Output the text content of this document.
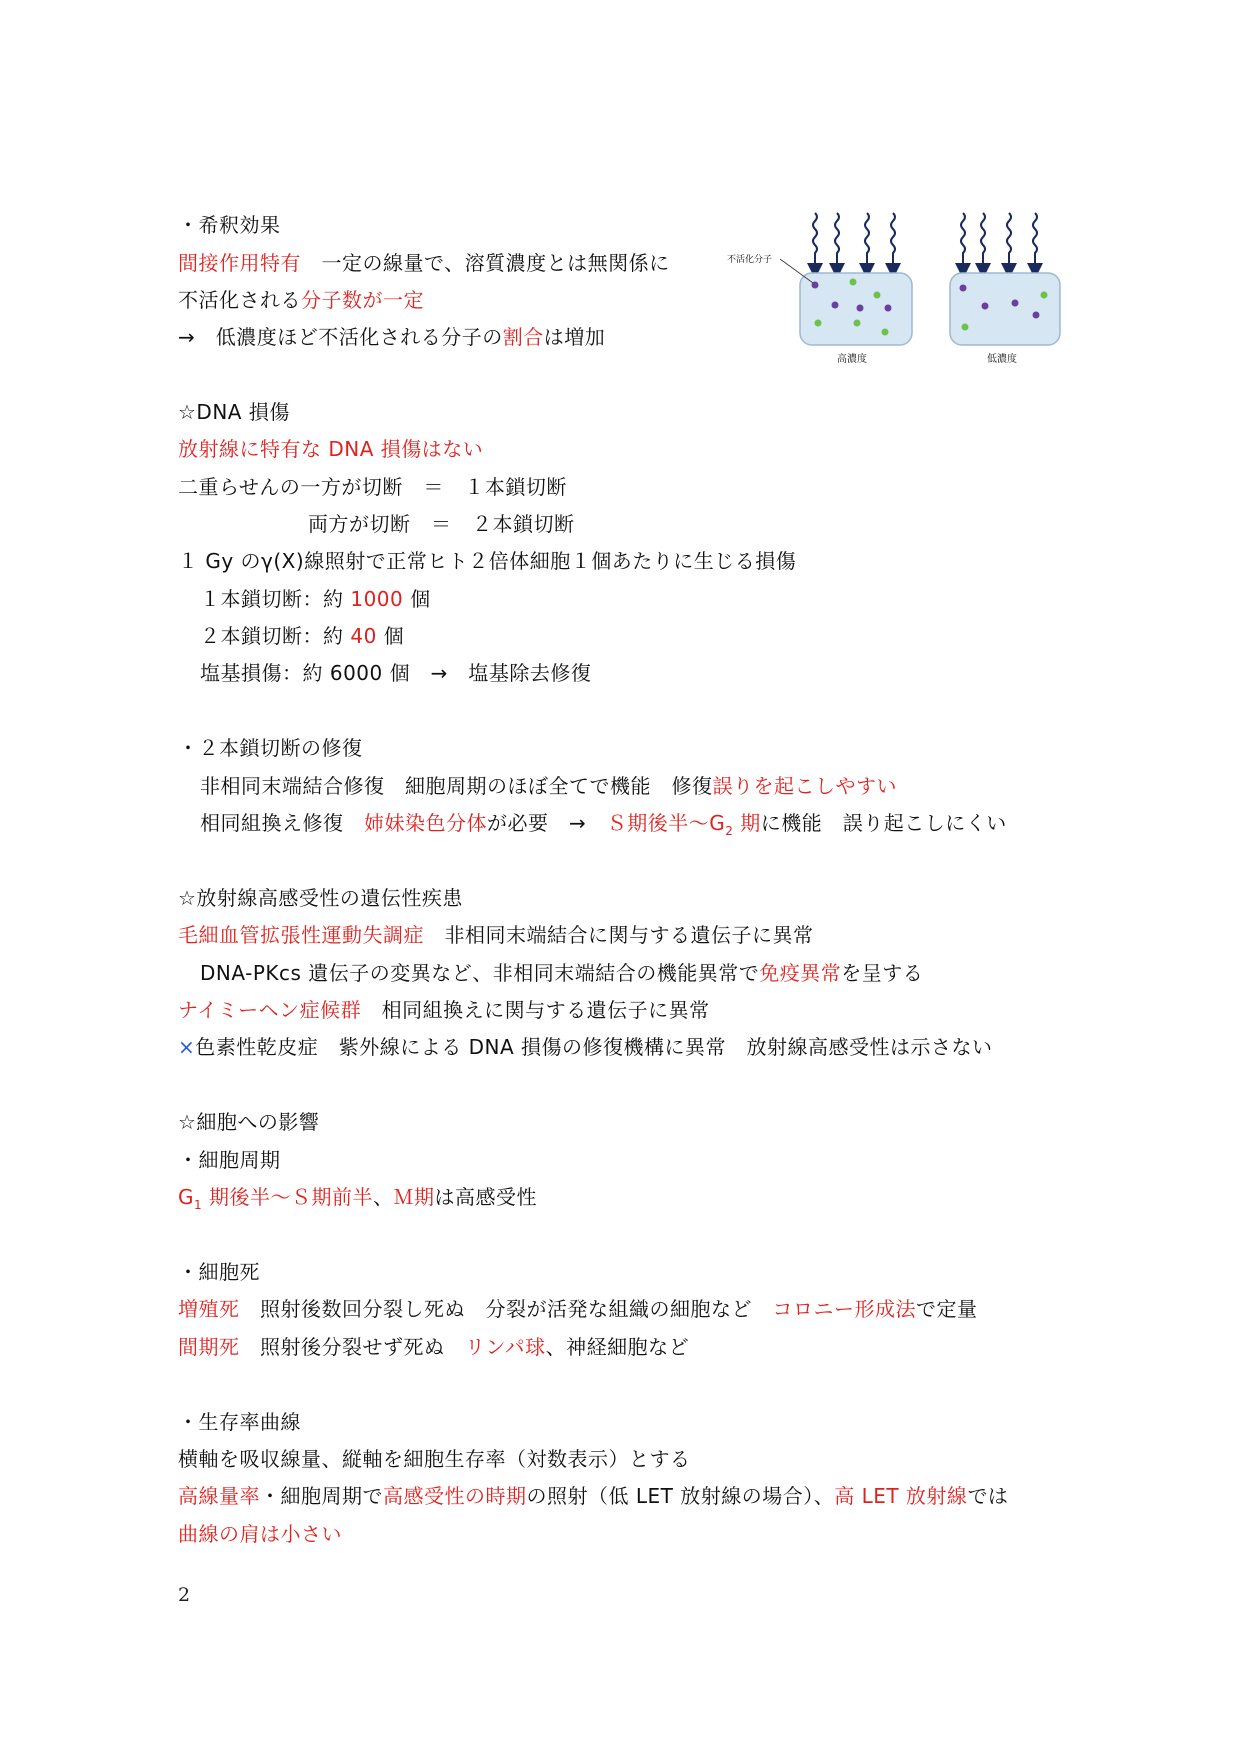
・希釈効果
間接作用特有　一定の線量で、溶質濃度とは無関係に
不活化される分子数が一定
→　低濃度ほど不活化される分子の割合は増加
不活化分子
高濃度	低濃度
☆DNA 損傷
放射線に特有な DNA 損傷はない
二重らせんの一方が切断　＝　１本鎖切断
両方が切断　＝　２本鎖切断
１ Gy のγ(X)線照射で正常ヒト２倍体細胞１個あたりに生じる損傷
１本鎖切断：約 1000 個
２本鎖切断：約 40 個
塩基損傷：約 6000 個　→　塩基除去修復
・２本鎖切断の修復
非相同末端結合修復　細胞周期のほぼ全てで機能　修復誤りを起こしやすい
相同組換え修復　姉妹染色分体が必要　→　Ｓ期後半$\sim G_2$ 期に機能　誤り起こしにくい
☆放射線高感受性の遺伝性疾患
毛細血管拡張性運動失調症　非相同末端結合に関与する遺伝子に異常
DNA-PKcs 遺伝子の変異など、非相同末端結合の機能異常で免疫異常を呈する
ナイミーヘン症候群　相同組換えに関与する遺伝子に異常
×色素性乾皮症　紫外線による DNA 損傷の修復機構に異常　放射線高感受性は示さない
☆細胞への影響
・細胞周期
$G_1$ 期後半～Ｓ期前半、Ｍ期は高感受性
・細胞死
増殖死　照射後数回分裂し死ぬ　分裂が活発な組織の細胞など　コロニー形成法で定量
間期死　照射後分裂せず死ぬ　リンパ球、神経細胞など
・生存率曲線
横軸を吸収線量、縦軸を細胞生存率（対数表示）とする
高線量率・細胞周期で高感受性の時期の照射（低 LET 放射線の場合）、高 LET 放射線では
曲線の肩は小さい
2
